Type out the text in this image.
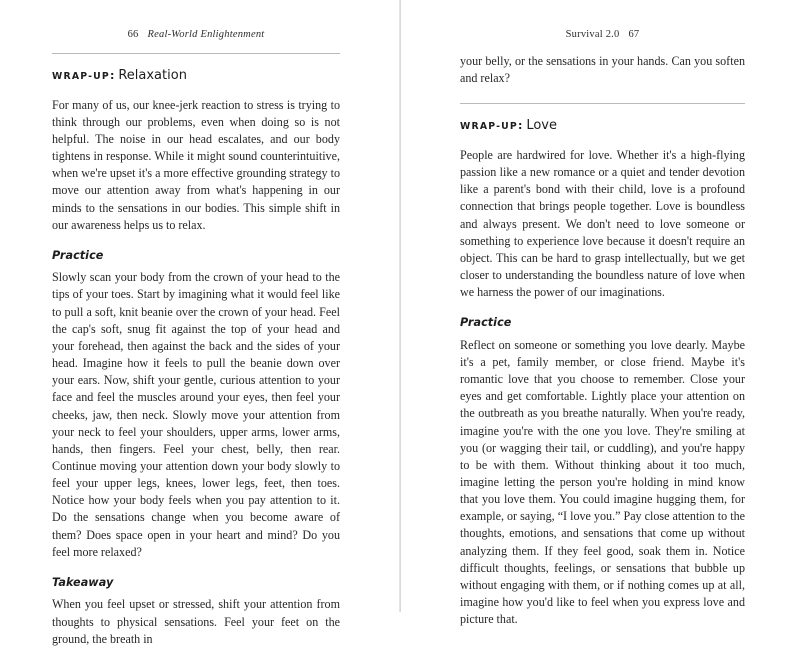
66 Real-World Enlightenment
WRAP-UP: Relaxation

For many of us, our knee-jerk reaction to stress is trying to think through our problems, even when doing so is not helpful. The noise in our head escalates, and our body tightens in response. While it might sound counterintuitive, when we're upset it's a more effective grounding strategy to move our attention away from what's happening in our minds to the sensations in our bodies. This simple shift in our awareness helps us to relax.

Practice

Slowly scan your body from the crown of your head to the tips of your toes. Start by imagining what it would feel like to pull a soft, knit beanie over the crown of your head. Feel the cap's soft, snug fit against the top of your head and your forehead, then against the back and the sides of your head. Imagine how it feels to pull the beanie down over your ears. Now, shift your gentle, curious attention to your face and feel the muscles around your eyes, then feel your cheeks, jaw, then neck. Slowly move your attention from your neck to feel your shoulders, upper arms, lower arms, hands, then fingers. Feel your chest, belly, then rear. Continue moving your attention down your body slowly to feel your upper legs, knees, lower legs, feet, then toes. Notice how your body feels when you pay attention to it. Do the sensations change when you become aware of them? Does space open in your heart and mind? Do you feel more relaxed?

Takeaway

When you feel upset or stressed, shift your attention from thoughts to physical sensations. Feel your feet on the ground, the breath in

Survival 2.0 67

your belly, or the sensations in your hands. Can you soften and relax?

WRAP-UP: Love

People are hardwired for love. Whether it's a high-flying passion like a new romance or a quiet and tender devotion like a parent's bond with their child, love is a profound connection that brings people together. Love is boundless and always present. We don't need to love someone or something to experience love because it doesn't require an object. This can be hard to grasp intellectually, but we get closer to understanding the boundless nature of love when we harness the power of our imaginations.

Practice

Reflect on someone or something you love dearly. Maybe it's a pet, family member, or close friend. Maybe it's romantic love that you choose to remember. Close your eyes and get comfortable. Lightly place your attention on the outbreath as you breathe naturally. When you're ready, imagine you're with the one you love. They're smiling at you (or wagging their tail, or cuddling), and you're happy to be with them. Without thinking about it too much, imagine letting the person you're holding in mind know that you love them. You could imagine hugging them, for example, or saying, “I love you.” Pay close attention to the thoughts, emotions, and sensations that come up without analyzing them. If they feel good, soak them in. Notice difficult thoughts, feelings, or sensations that bubble up without engaging with them, or if nothing comes up at all, imagine how you'd like to feel when you express love and picture that.
